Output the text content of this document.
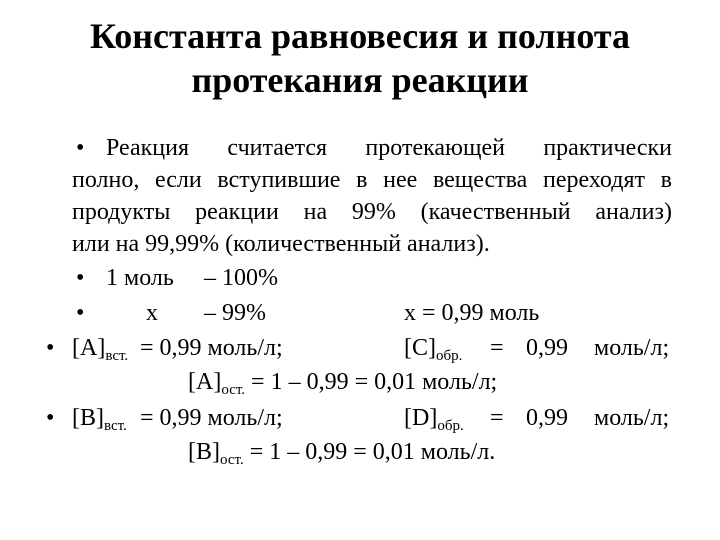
Константа равновесия и полнота
протекания реакции
• Реакция считается протекающей практически
полно, если вступившие в нее вещества переходят в
продукты реакции на 99% (качественный анализ)
или на 99,99% (количественный анализ).
• 1 моль – 100%
•	x – 99%	x = 0,99 моль
• $[A]_{вст.} = 0,99$ моль/л;	$[C]_{обр.} = 0,99$ моль/л;
$[A]_{ост.} = 1 - 0,99 = 0,01$ моль/л;
• $[B]_{вст.} = 0,99$ моль/л;	$[D]_{обр.} = 0,99$ моль/л;
$[B]_{ост.} = 1 - 0,99 = 0,01$ моль/л.
